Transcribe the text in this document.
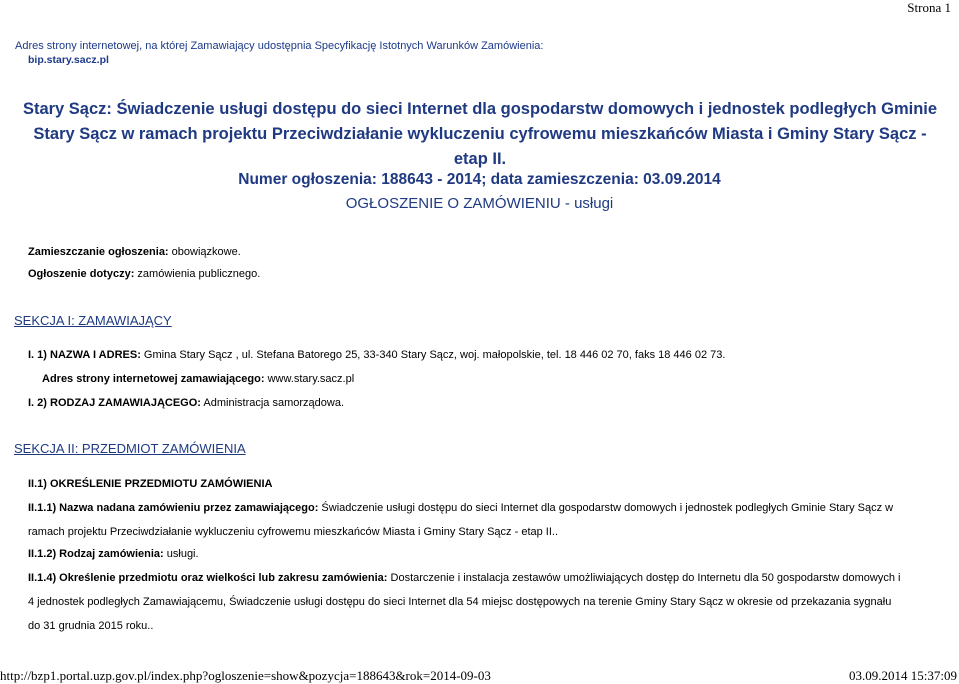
Strona 1
Adres strony internetowej, na której Zamawiający udostępnia Specyfikację Istotnych Warunków Zamówienia:
bip.stary.sacz.pl
Stary Sącz: Świadczenie usługi dostępu do sieci Internet dla gospodarstw domowych i jednostek podległych Gminie
Stary Sącz w ramach projektu Przeciwdziałanie wykluczeniu cyfrowemu mieszkańców Miasta i Gminy Stary Sącz -
etap II.
Numer ogłoszenia: 188643 - 2014; data zamieszczenia: 03.09.2014
OGŁOSZENIE O ZAMÓWIENIU - usługi
Zamieszczanie ogłoszenia: obowiązkowe.
Ogłoszenie dotyczy: zamówienia publicznego.
SEKCJA I: ZAMAWIAJĄCY
I. 1) NAZWA I ADRES: Gmina Stary Sącz , ul. Stefana Batorego 25, 33-340 Stary Sącz, woj. małopolskie, tel. 18 446 02 70, faks 18 446 02 73.
Adres strony internetowej zamawiającego: www.stary.sacz.pl
I. 2) RODZAJ ZAMAWIAJĄCEGO: Administracja samorządowa.
SEKCJA II: PRZEDMIOT ZAMÓWIENIA
II.1) OKREŚLENIE PRZEDMIOTU ZAMÓWIENIA
II.1.1) Nazwa nadana zamówieniu przez zamawiającego: Świadczenie usługi dostępu do sieci Internet dla gospodarstw domowych i jednostek podległych Gminie Stary Sącz w
ramach projektu Przeciwdziałanie wykluczeniu cyfrowemu mieszkańców Miasta i Gminy Stary Sącz - etap II..
II.1.2) Rodzaj zamówienia: usługi.
II.1.4) Określenie przedmiotu oraz wielkości lub zakresu zamówienia: Dostarczenie i instalacja zestawów umożliwiających dostęp do Internetu dla 50 gospodarstw domowych i
4 jednostek podległych Zamawiającemu, Świadczenie usługi dostępu do sieci Internet dla 54 miejsc dostępowych na terenie Gminy Stary Sącz w okresie od przekazania sygnału
do 31 grudnia 2015 roku..
http://bzp1.portal.uzp.gov.pl/index.php?ogloszenie=show&pozycja=188643&rok=2014-09-03	03.09.2014 15:37:09
